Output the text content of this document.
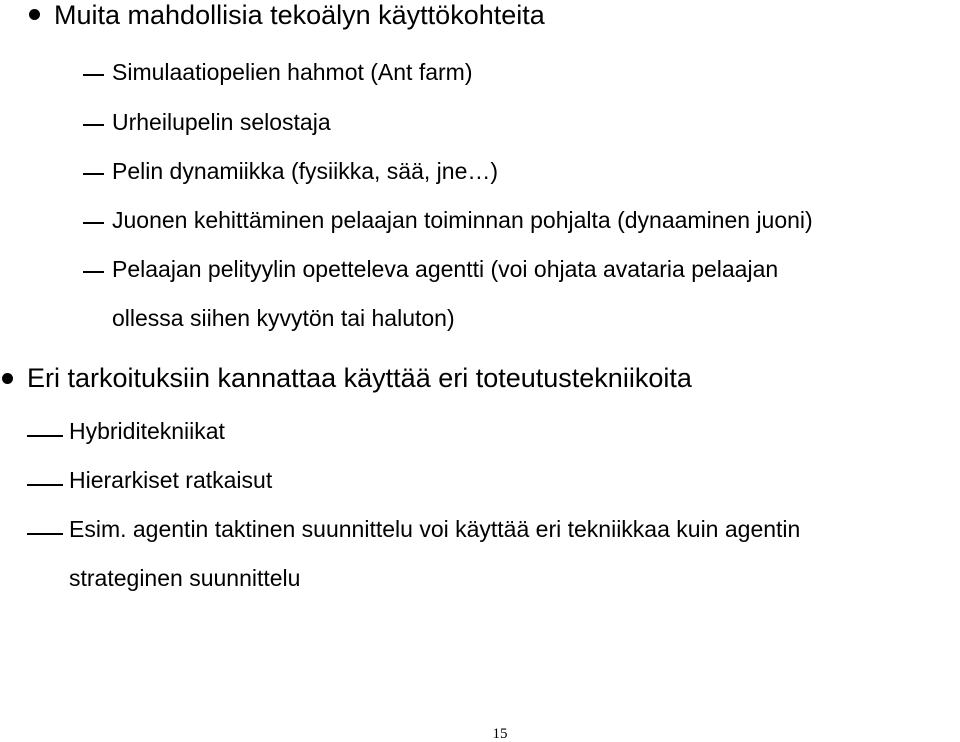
Muita mahdollisia tekoälyn käyttökohteita
Simulaatiopelien hahmot (Ant farm)
Urheilupelin selostaja
Pelin dynamiikka (fysiikka, sää, jne…)
Juonen kehittäminen pelaajan toiminnan pohjalta (dynaaminen juoni)
Pelaajan pelityylin opetteleva agentti (voi ohjata avataria pelaajan
ollessa siihen kyvytön tai haluton)
Eri tarkoituksiin kannattaa käyttää eri toteutustekniikoita
Hybriditekniikat
Hierarkiset ratkaisut
Esim. agentin taktinen suunnittelu voi käyttää eri tekniikkaa kuin agentin
strateginen suunnittelu
15
